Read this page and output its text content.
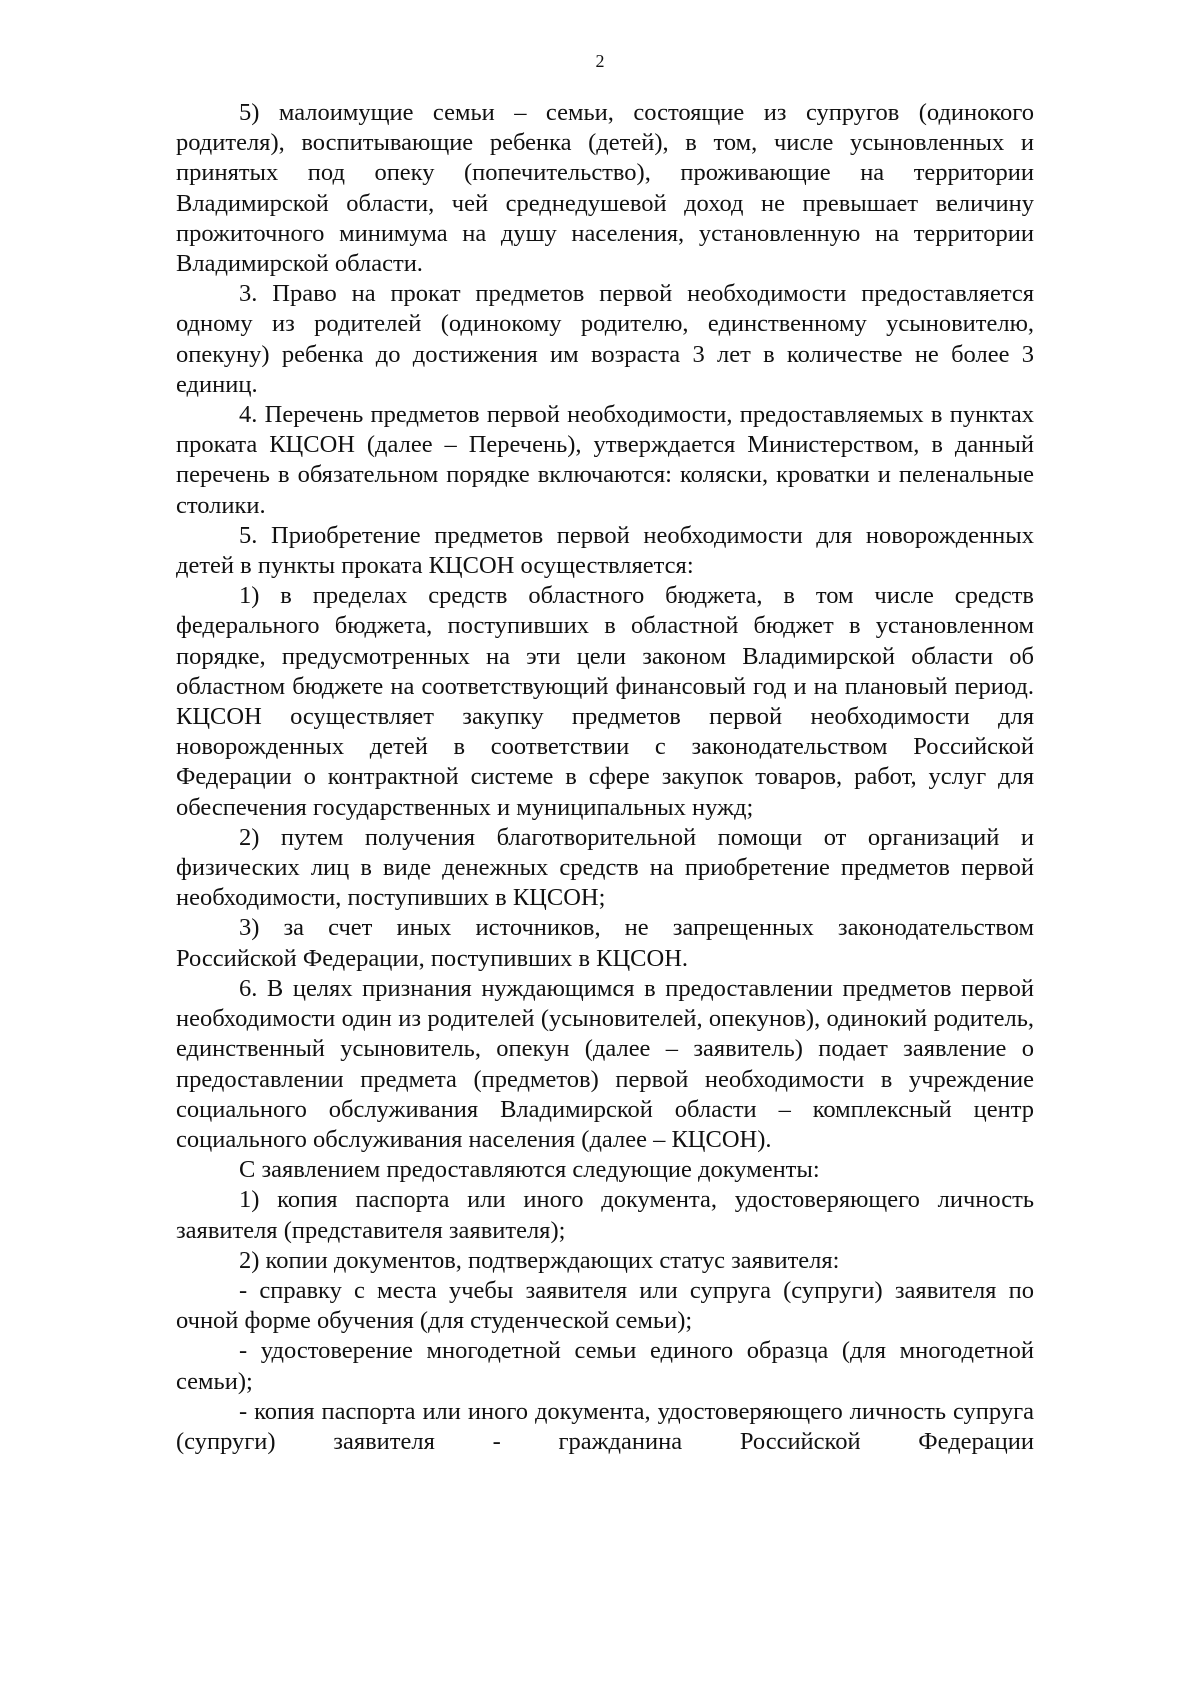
2

5) малоимущие семьи – семьи, состоящие из супругов (одинокого родителя), воспитывающие ребенка (детей), в том, числе усыновленных и принятых под опеку (попечительство), проживающие на территории Владимирской области, чей среднедушевой доход не превышает величину прожиточного минимума на душу населения, установленную на территории Владимирской области.

3. Право на прокат предметов первой необходимости предоставляется одному из родителей (одинокому родителю, единственному усыновителю, опекуну) ребенка до достижения им возраста 3 лет в количестве не более 3 единиц.

4. Перечень предметов первой необходимости, предоставляемых в пунктах проката КЦСОН (далее – Перечень), утверждается Министерством, в данный перечень в обязательном порядке включаются: коляски, кроватки и пеленальные столики.

5. Приобретение предметов первой необходимости для новорожденных детей в пункты проката КЦСОН осуществляется:

1) в пределах средств областного бюджета, в том числе средств федерального бюджета, поступивших в областной бюджет в установленном порядке, предусмотренных на эти цели законом Владимирской области об областном бюджете на соответствующий финансовый год и на плановый период. КЦСОН осуществляет закупку предметов первой необходимости для новорожденных детей в соответствии с законодательством Российской Федерации о контрактной системе в сфере закупок товаров, работ, услуг для обеспечения государственных и муниципальных нужд;

2) путем получения благотворительной помощи от организаций и физических лиц в виде денежных средств на приобретение предметов первой необходимости, поступивших в КЦСОН;

3) за счет иных источников, не запрещенных законодательством Российской Федерации, поступивших в КЦСОН.

6. В целях признания нуждающимся в предоставлении предметов первой необходимости один из родителей (усыновителей, опекунов), одинокий родитель, единственный усыновитель, опекун (далее – заявитель) подает заявление о предоставлении предмета (предметов) первой необходимости в учреждение социального обслуживания Владимирской области – комплексный центр социального обслуживания населения (далее – КЦСОН).

С заявлением предоставляются следующие документы:

1) копия паспорта или иного документа, удостоверяющего личность заявителя (представителя заявителя);

2) копии документов, подтверждающих статус заявителя:

- справку с места учебы заявителя или супруга (супруги) заявителя по очной форме обучения (для студенческой семьи);

- удостоверение многодетной семьи единого образца (для многодетной семьи);

- копия паспорта или иного документа, удостоверяющего личность супруга (супруги) заявителя - гражданина Российской Федерации
